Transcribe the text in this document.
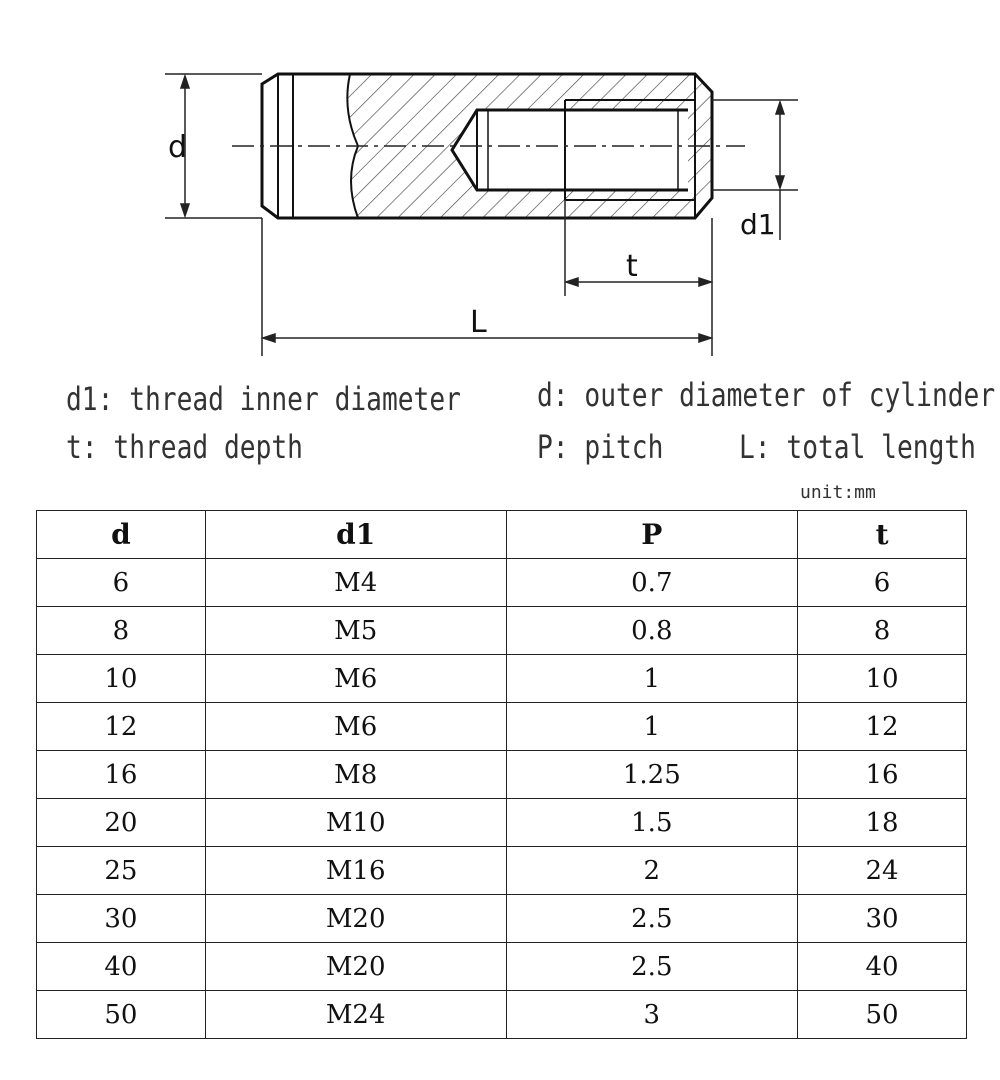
d
d1
t
L
d1: thread inner diameter d: outer diameter of cylinder
t: thread depth	P: pitch L: total length
unit:mm
d	d1	P	t
6	M4	0.7	6
8	M5	0.8	8
10	M6	1	10
12	M6	1	12
16	M8	1.25	16
20	M10	1.5	18
25	M16	2	24
30	M20	2.5	30
40	M20	2.5	40
50	M24	3	50
